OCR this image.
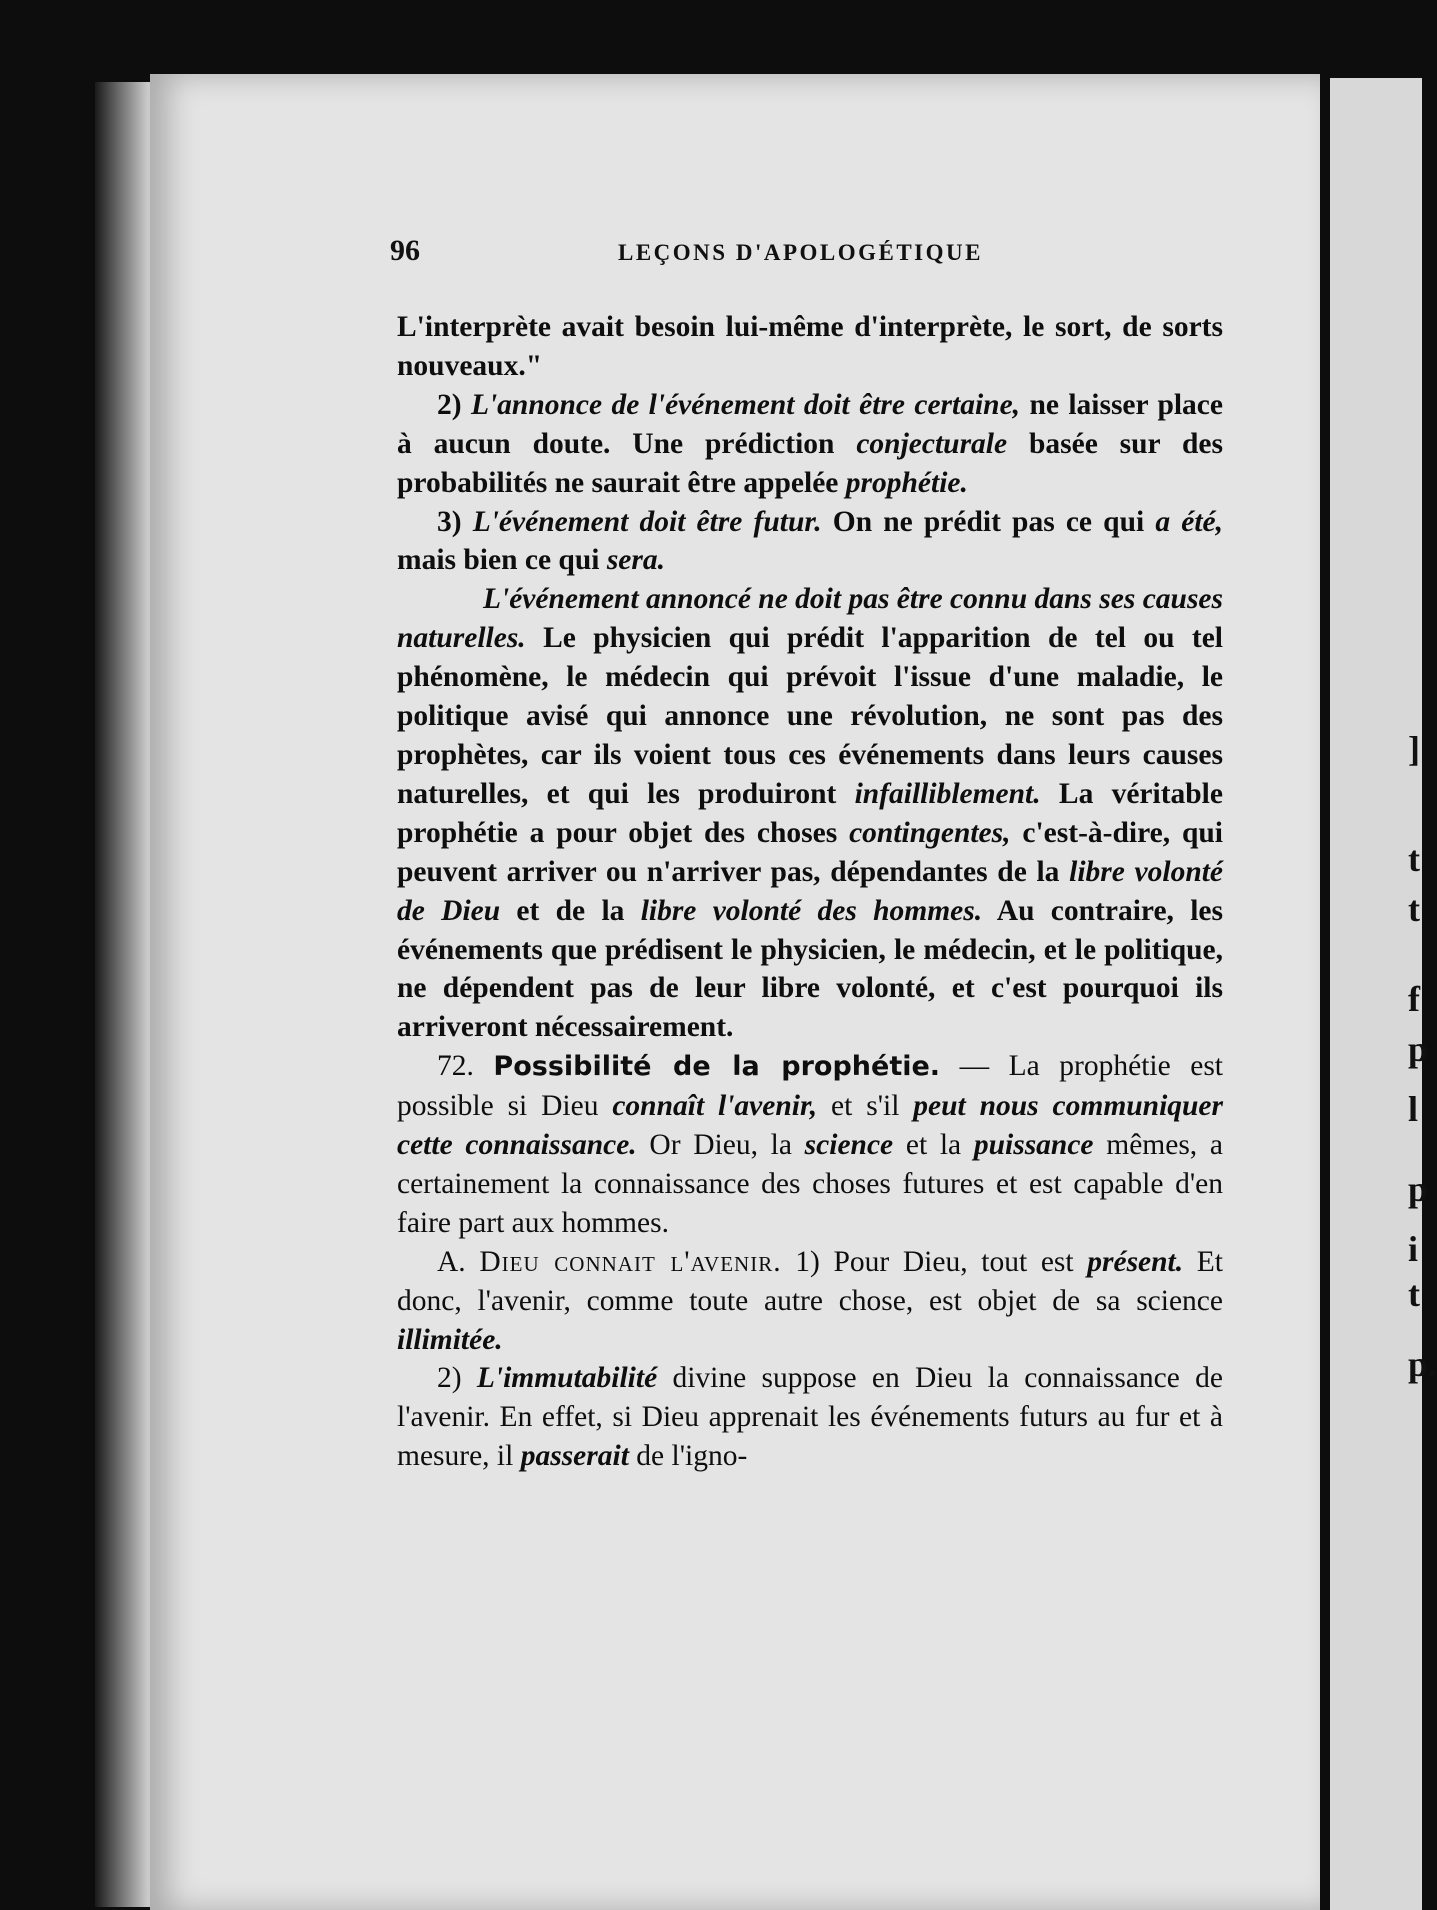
]
t
t
f
p
l
p
i
t
p.
96	LEÇONS D'APOLOGÉTIQUE

L'interprète avait besoin lui-même d'interprète, le sort, de sorts nouveaux."

2) L'annonce de l'événement doit être certaine, ne laisser place à aucun doute. Une prédiction conjecturale basée sur des probabilités ne saurait être appelée prophétie.

3) L'événement doit être futur. On ne prédit pas ce qui a été, mais bien ce qui sera.

L'événement annoncé ne doit pas être connu dans ses causes naturelles. Le physicien qui prédit l'apparition de tel ou tel phénomène, le médecin qui prévoit l'issue d'une maladie, le politique avisé qui annonce une révolution, ne sont pas des prophètes, car ils voient tous ces événements dans leurs causes naturelles, et qui les produiront infailliblement. La véritable prophétie a pour objet des choses contingentes, c'est-à-dire, qui peuvent arriver ou n'arriver pas, dépendantes de la libre volonté de Dieu et de la libre volonté des hommes. Au contraire, les événements que prédisent le physicien, le médecin, et le politique, ne dépendent pas de leur libre volonté, et c'est pourquoi ils arriveront nécessairement.

72. Possibilité de la prophétie. — La prophétie est possible si Dieu connaît l'avenir, et s'il peut nous communiquer cette connaissance. Or Dieu, la science et la puissance mêmes, a certainement la connaissance des choses futures et est capable d'en faire part aux hommes.

A. Dieu connait l'avenir. 1) Pour Dieu, tout est présent. Et donc, l'avenir, comme toute autre chose, est objet de sa science illimitée.

2) L'immutabilité divine suppose en Dieu la connaissance de l'avenir. En effet, si Dieu apprenait les événements futurs au fur et à mesure, il passerait de l'igno-
